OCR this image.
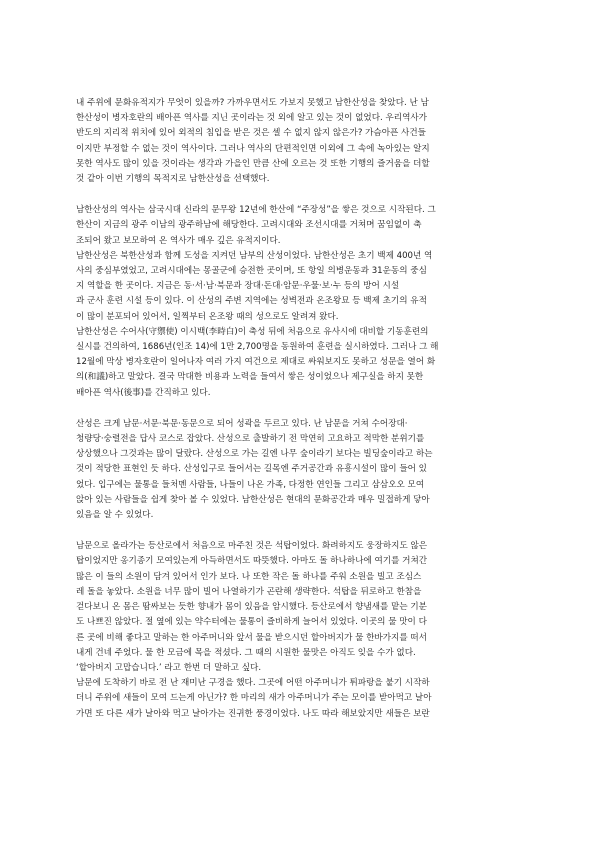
내 주위에 문화유적지가 무엇이 있을까? 가까우면서도 가보지 못했고 남한산성을 찾았다. 난 남
한산성이 병자호란의 배아픈 역사를 지닌 곳이라는 것 외에 알고 있는 것이 없었다. 우리역사가
반도의 지리적 위치에 있어 외적의 침입을 받은 것은 셀 수 없지 않지 않은가? 가슴아픈 사건들
이지만 부정할 수 없는 것이 역사이다. 그러나 역사의 단편적인면 이외에 그 속에 녹아있는 알지
못한 역사도 많이 있을 것이라는 생각과 가을인 만큼 산에 오르는 것 또한 기행의 즐거움을 더할
것 같아 이번 기행의 목적지로 남한산성을 선택했다.
남한산성의 역사는 삼국시대 신라의 문무왕 12년에 한산에 “주장성”을 쌓은 것으로 시작된다. 그
한산이 지금의 광주 이남의 광주하남에 해당한다. 고려시대와 조선시대를 거쳐며 꿈임없이 축
조되어 왔고 보모하여 온 역사가 매우 깊은 유적지이다.
남한산성은 북한산성과 함께 도성을 지켜던 남부의 산성이었다. 남한산성은 초기 백제 400년 역
사의 중심부였었고, 고려시대에는 몽골군에 승전한 곳이며, 또 항일 의병운동과 31운동의 중심
지 역할을 한 곳이다. 지금은 동·서·남·북문과 장대·돈대·암문·우물·보·누 등의 방어 시설
과 군사 훈련 시설 등이 있다. 이 산성의 주변 지역에는 성벽전과 온조왕묘 등 백제 초기의 유적
이 많이 분포되어 있어서, 일찍부터 온조왕 때의 성으로도 알려져 왔다.
남한산성은 수어사(守禦使) 이시백(李時白)이 축성 뒤에 처음으로 유사시에 대비할 기동훈련의
실시를 건의하여, 1686년(인조 14)에 1만 2,700명을 동원하여 훈련을 실시하였다. 그러나 그 해
12월에 막상 병자호란이 일어나자 여러 가지 여건으로 제대로 싸워보지도 못하고 성문을 열어 화
의(和議)하고 말았다. 결국 막대한 비용과 노력을 들여서 쌓은 성이었으나 제구실을 하지 못한
배아픈 역사(後事)를 간직하고 있다.
산성은 크게 남문·서문·북문·동문으로 되어 성곽을 두르고 있다. 난 남문을 거쳐 수어장대·
청량당·숭렬전을 답사 코스로 잡았다. 산성으로 출발하기 전 막연히 고요하고 적막한 분위기를
상상했으나 그것과는 많이 달랐다. 산성으로 가는 길엔 나무 숲이라기 보다는 빌딩숲이라고 하는
것이 적당한 표현인 듯 하다. 산성입구로 들어서는 길목엔 주거공간과 유흥시설이 많이 들어 있
었다. 입구에는 물통을 들처멘 사람들, 나들이 나온 가족, 다정한 연인들 그리고 삼삼오오 모여
앉아 있는 사람들을 쉽게 찾아 볼 수 있었다. 남한산성은 현대의 문화공간과 매우 밀접하게 닿아
있음을 알 수 있었다.
남문으로 올라가는 등산로에서 처음으로 마주친 것은 석탑이었다. 화려하지도 웅장하지도 않은
탑이었지만 옹기종기 모여있는게 아득하면서도 따뜻했다. 아마도 돌 하나하나에 여기를 거쳐간
많은 이 들의 소원이 담겨 있어서 인가 보다. 나 또한 작은 돌 하나를 주워 소원을 빌고 조심스
레 돌을 놓았다. 소원을 너무 많이 빌어 나열하기가 곤란해 생략한다. 석탑을 뒤로하고 한참을
걷다보니 온 몸은 땀싸보는 듯한 향내가 몸이 있음을 암시했다. 등산로에서 향냄새를 맡는 기분
도 나쁘진 않았다. 절 옆에 있는 약수터에는 물통이 즐비하게 늘어서 있었다. 이곳의 물 맛이 다
른 곳에 비해 좋다고 말하는 한 아주머니와 앞서 물을 받으시던 할아버지가 물 한바가지를 떠서
내게 건네 주었다. 물 한 모금에 목을 적셨다. 그 때의 시원한 물맛은 아직도 잊을 수가 없다.
‘할아버지 고맙습니다.’ 라고 한번 더 말하고 싶다.
남문에 도착하기 바로 전 난 재미난 구경을 했다. 그곳에 어떤 아주머니가 튀파랑을 붙기 시작하
더니 주위에 새들이 모여 드는게 아닌가? 한 마리의 새가 아주머니가 주는 모이를 받아먹고 날아
가면 또 다른 새가 날아와 먹고 날아가는 진귀한 풍경이었다. 나도 따라 해보았지만 새들은 보란
